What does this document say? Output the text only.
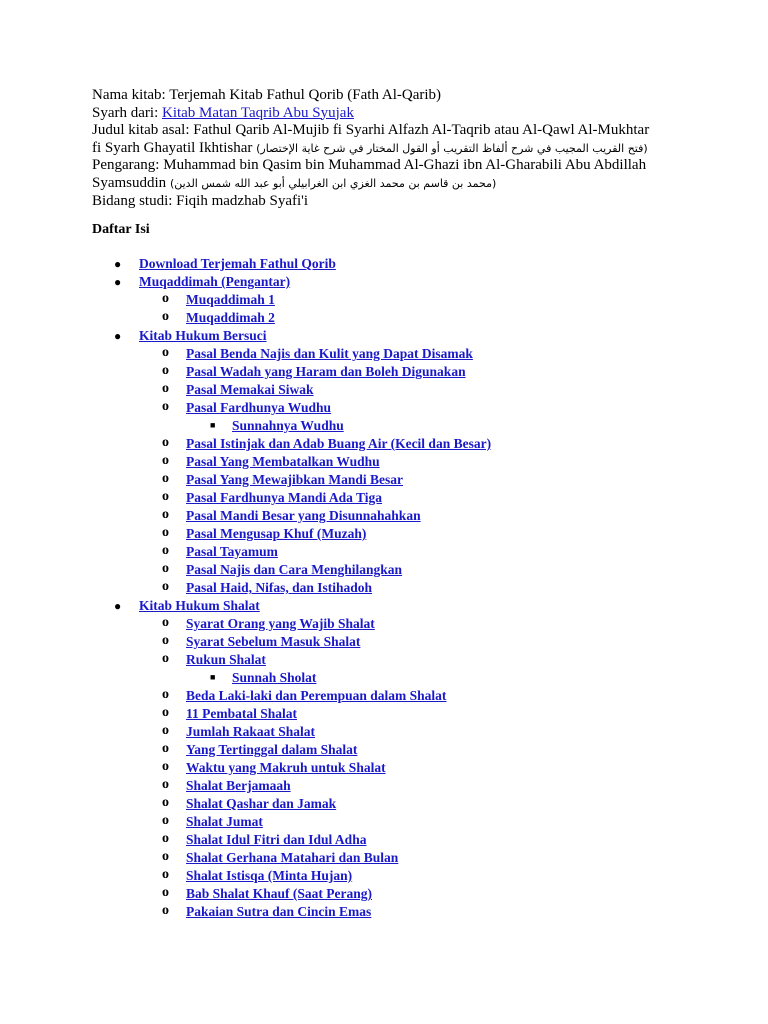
Nama kitab: Terjemah Kitab Fathul Qorib (Fath Al-Qarib)
Syarh dari: Kitab Matan Taqrib Abu Syujak
Judul kitab asal: Fathul Qarib Al-Mujib fi Syarhi Alfazh Al-Taqrib atau Al-Qawl Al-Mukhtar
fi Syarh Ghayatil Ikhtishar (فتح القريب المجيب في شرح ألفاظ التقريب أو القول المختار في شرح غاية الإختصار)
Pengarang: Muhammad bin Qasim bin Muhammad Al-Ghazi ibn Al-Gharabili Abu Abdillah
Syamsuddin (محمد بن قاسم بن محمد الغزي ابن الغرابيلي أبو عبد الله شمس الدين)
Bidang studi: Fiqih madzhab Syafi'i
Daftar Isi
● Download Terjemah Fathul Qorib
● Muqaddimah (Pengantar)
o Muqaddimah 1
o Muqaddimah 2
● Kitab Hukum Bersuci
o Pasal Benda Najis dan Kulit yang Dapat Disamak
o Pasal Wadah yang Haram dan Boleh Digunakan
o Pasal Memakai Siwak
o Pasal Fardhunya Wudhu
■ Sunnahnya Wudhu
o Pasal Istinjak dan Adab Buang Air (Kecil dan Besar)
o Pasal Yang Membatalkan Wudhu
o Pasal Yang Mewajibkan Mandi Besar
o Pasal Fardhunya Mandi Ada Tiga
o Pasal Mandi Besar yang Disunnahahkan
o Pasal Mengusap Khuf (Muzah)
o Pasal Tayamum
o Pasal Najis dan Cara Menghilangkan
o Pasal Haid, Nifas, dan Istihadoh
● Kitab Hukum Shalat
o Syarat Orang yang Wajib Shalat
o Syarat Sebelum Masuk Shalat
o Rukun Shalat
■ Sunnah Sholat
o Beda Laki-laki dan Perempuan dalam Shalat
o 11 Pembatal Shalat
o Jumlah Rakaat Shalat
o Yang Tertinggal dalam Shalat
o Waktu yang Makruh untuk Shalat
o Shalat Berjamaah
o Shalat Qashar dan Jamak
o Shalat Jumat
o Shalat Idul Fitri dan Idul Adha
o Shalat Gerhana Matahari dan Bulan
o Shalat Istisqa (Minta Hujan)
o Bab Shalat Khauf (Saat Perang)
o Pakaian Sutra dan Cincin Emas
